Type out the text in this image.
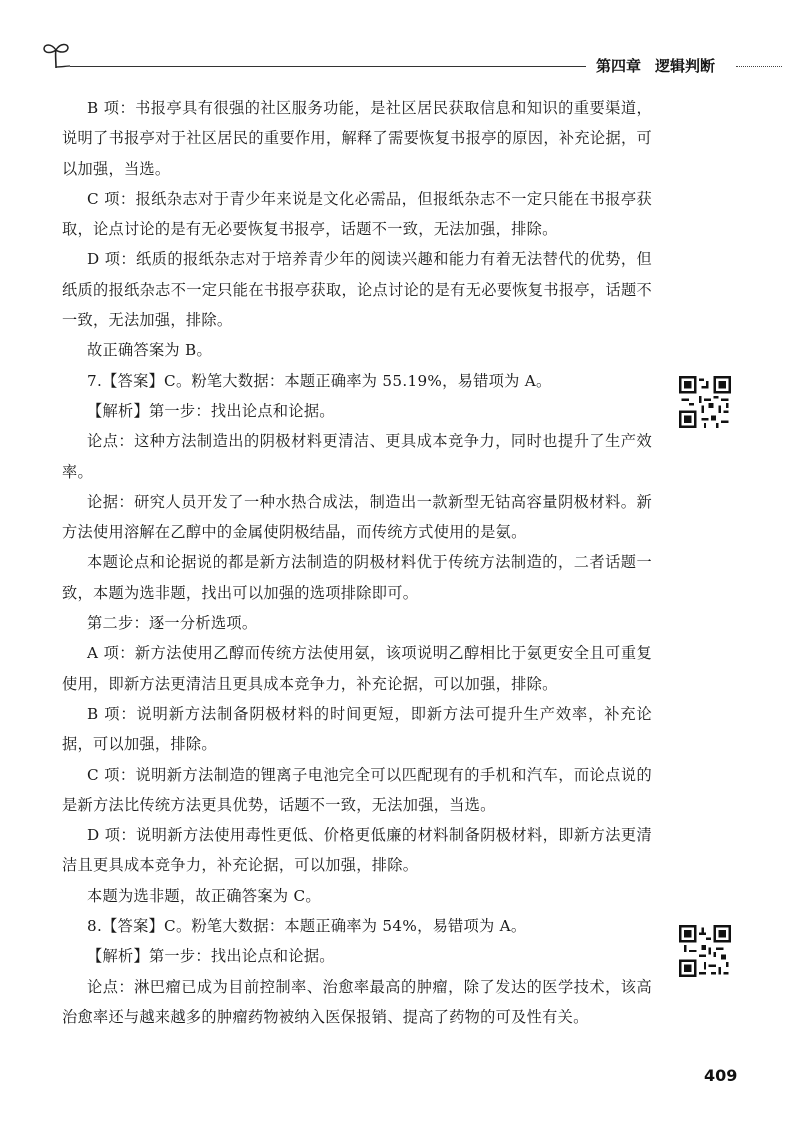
第四章 逻辑判断

B 项：书报亭具有很强的社区服务功能，是社区居民获取信息和知识的重要渠道，说明了书报亭对于社区居民的重要作用，解释了需要恢复书报亭的原因，补充论据，可以加强，当选。

C 项：报纸杂志对于青少年来说是文化必需品，但报纸杂志不一定只能在书报亭获取，论点讨论的是有无必要恢复书报亭，话题不一致，无法加强，排除。

D 项：纸质的报纸杂志对于培养青少年的阅读兴趣和能力有着无法替代的优势，但纸质的报纸杂志不一定只能在书报亭获取，论点讨论的是有无必要恢复书报亭，话题不一致，无法加强，排除。

故正确答案为 B。

7.【答案】C。粉笔大数据：本题正确率为 55.19%，易错项为 A。

【解析】第一步：找出论点和论据。

论点：这种方法制造出的阴极材料更清洁、更具成本竞争力，同时也提升了生产效率。

论据：研究人员开发了一种水热合成法，制造出一款新型无钴高容量阴极材料。新方法使用溶解在乙醇中的金属使阴极结晶，而传统方式使用的是氨。

本题论点和论据说的都是新方法制造的阴极材料优于传统方法制造的，二者话题一致，本题为选非题，找出可以加强的选项排除即可。

第二步：逐一分析选项。

A 项：新方法使用乙醇而传统方法使用氨，该项说明乙醇相比于氨更安全且可重复使用，即新方法更清洁且更具成本竞争力，补充论据，可以加强，排除。

B 项：说明新方法制备阴极材料的时间更短，即新方法可提升生产效率，补充论据，可以加强，排除。

C 项：说明新方法制造的锂离子电池完全可以匹配现有的手机和汽车，而论点说的是新方法比传统方法更具优势，话题不一致，无法加强，当选。

D 项：说明新方法使用毒性更低、价格更低廉的材料制备阴极材料，即新方法更清洁且更具成本竞争力，补充论据，可以加强，排除。

本题为选非题，故正确答案为 C。

8.【答案】C。粉笔大数据：本题正确率为 54%，易错项为 A。

【解析】第一步：找出论点和论据。

论点：淋巴瘤已成为目前控制率、治愈率最高的肿瘤，除了发达的医学技术，该高治愈率还与越来越多的肿瘤药物被纳入医保报销、提高了药物的可及性有关。

409
